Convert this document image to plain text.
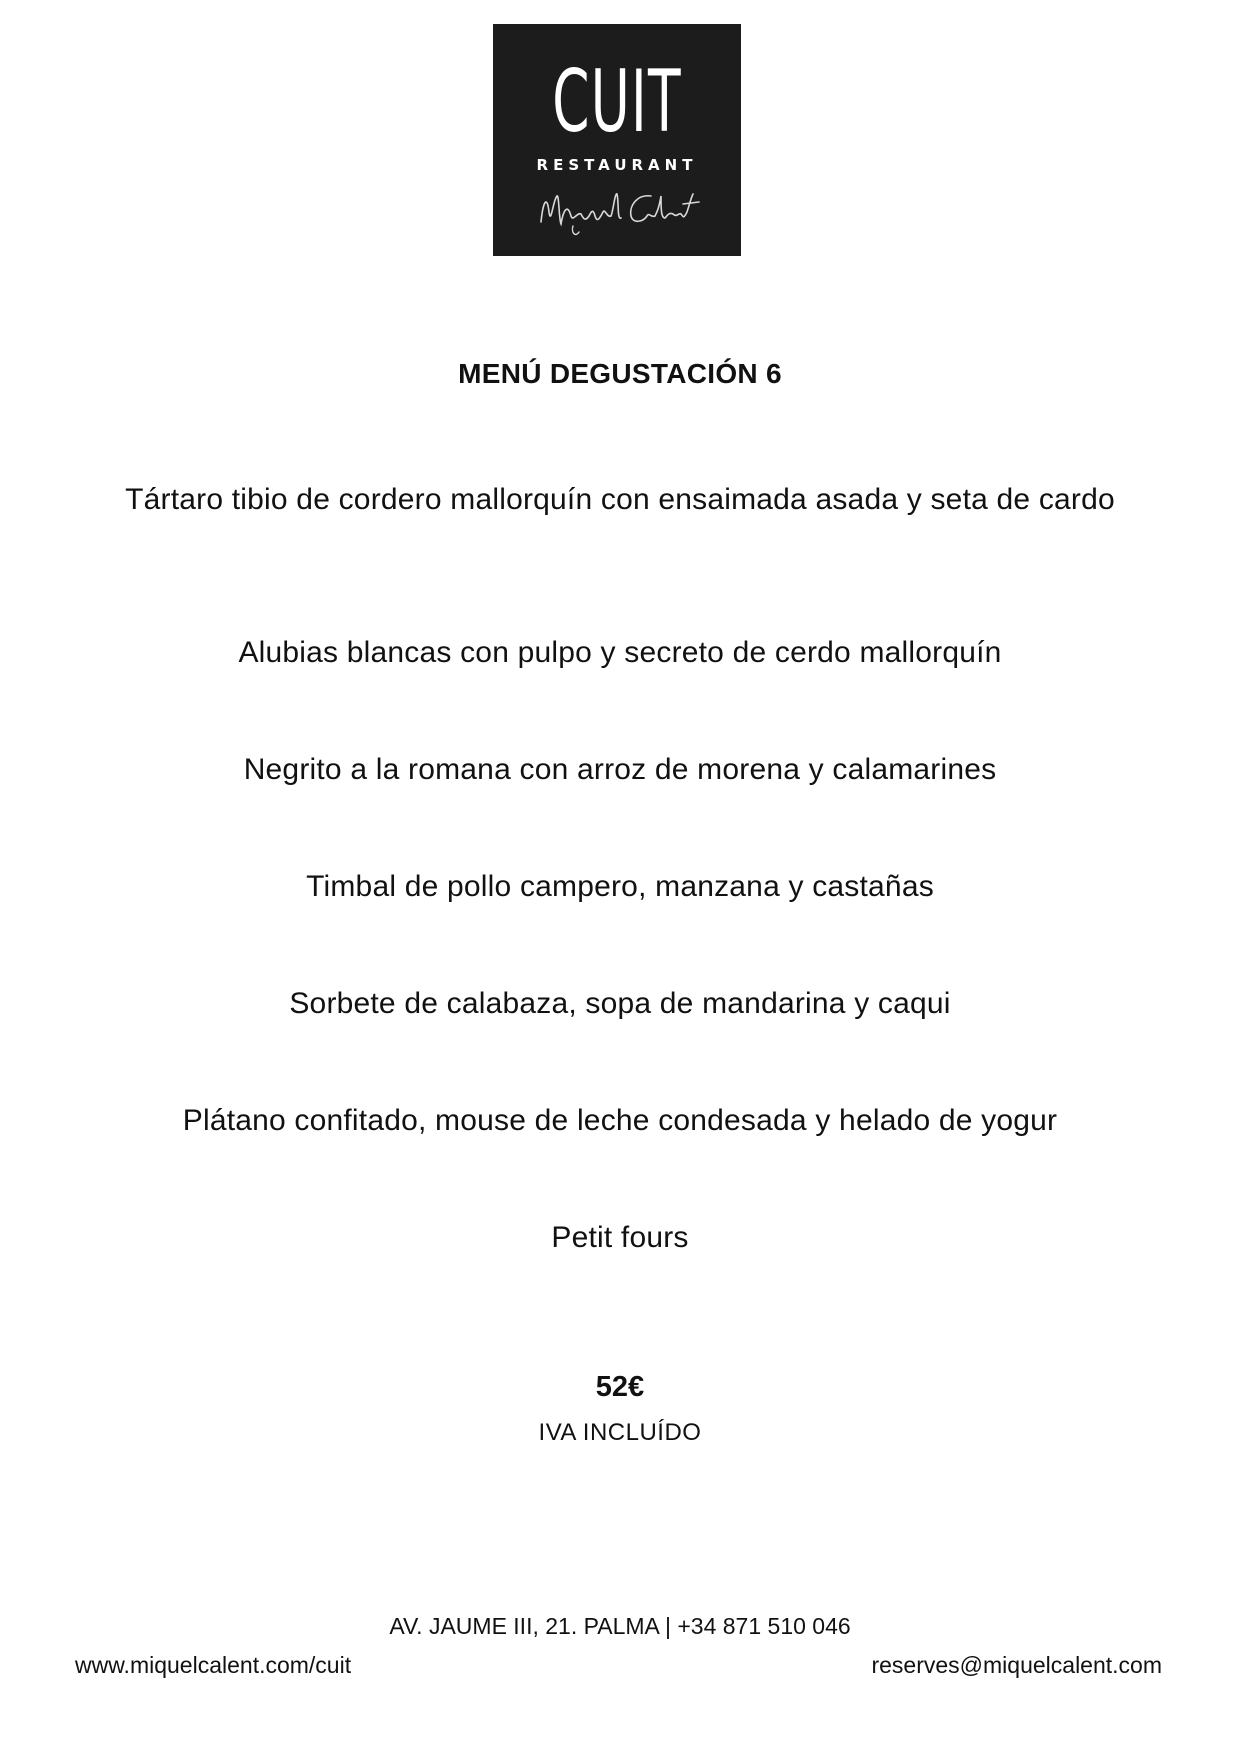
CUIT
RESTAURANT
MENÚ DEGUSTACIÓN 6
Tártaro tibio de cordero mallorquín con ensaimada asada y seta de cardo
Alubias blancas con pulpo y secreto de cerdo mallorquín
Negrito a la romana con arroz de morena y calamarines
Timbal de pollo campero, manzana y castañas
Sorbete de calabaza, sopa de mandarina y caqui
Plátano confitado, mouse de leche condesada y helado de yogur
Petit fours
52€
IVA INCLUÍDO
AV. JAUME III, 21. PALMA | +34 871 510 046
www.miquelcalent.com/cuit	reserves@miquelcalent.com
